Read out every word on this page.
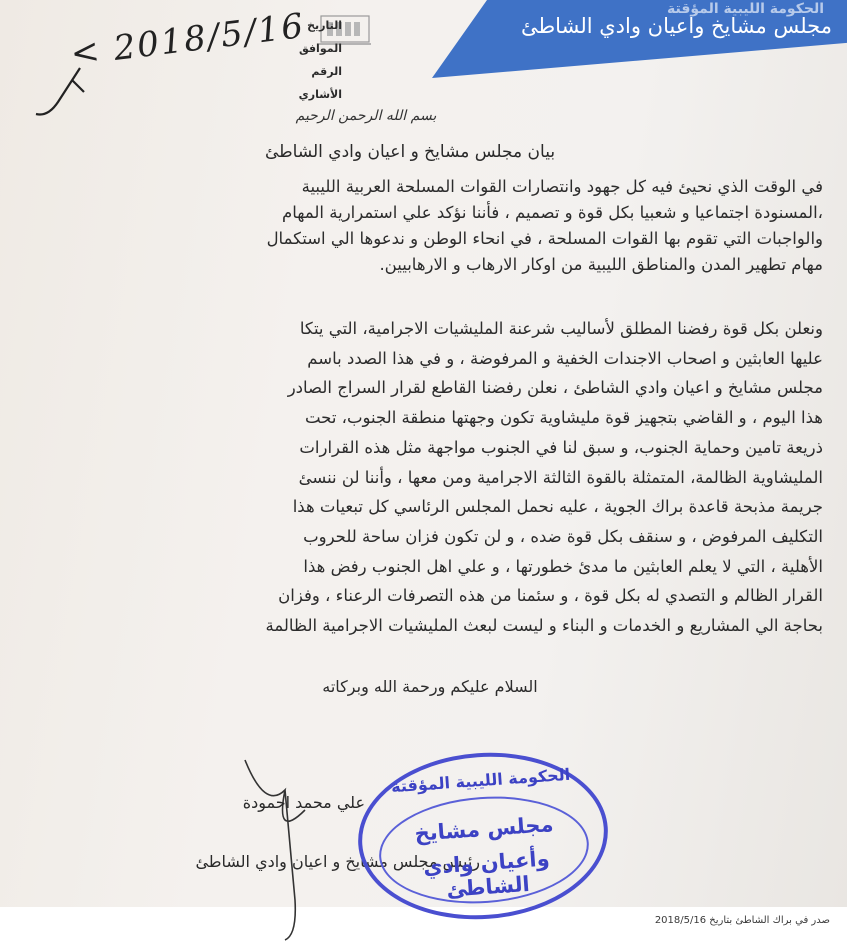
الحكومة الليبية المؤقتة
مجلس مشايخ واعيان وادي الشاطئ
التاريخ
الموافق
الرقم الأشاري
< 2018/5/16
بسم الله الرحمن الرحيم
بيان مجلس مشايخ و اعيان وادي الشاطئ
في الوقت الذي نحيئ فيه كل جهود وانتصارات القوات المسلحة العربية الليبية
،المسنودة اجتماعيا و شعبيا بكل قوة و تصميم ، فأننا نؤكد علي استمرارية المهام
والواجبات التي تقوم بها القوات المسلحة ، في انحاء الوطن و ندعوها الي استكمال
مهام تطهير المدن والمناطق الليبية من اوكار الارهاب و الارهابيين.
ونعلن بكل قوة رفضنا المطلق لأساليب شرعنة المليشيات الاجرامية، التي يتكا
عليها العابثين و اصحاب الاجندات الخفية و المرفوضة ، و في هذا الصدد باسم
مجلس مشايخ و اعيان وادي الشاطئ ، نعلن رفضنا القاطع لقرار السراج الصادر
هذا اليوم ، و القاضي بتجهيز قوة مليشاوية تكون وجهتها منطقة الجنوب، تحت
ذريعة تامين وحماية الجنوب، و سبق لنا في الجنوب مواجهة مثل هذه القرارات
المليشاوية الظالمة، المتمثلة بالقوة الثالثة الاجرامية ومن معها ، وأننا لن ننسئ
جريمة مذبحة قاعدة براك الجوية ، عليه نحمل المجلس الرئاسي كل تبعيات هذا
التكليف المرفوض ، و سنقف بكل قوة ضده ، و لن تكون فزان ساحة للحروب
الأهلية ، التي لا يعلم العابثين ما مدئ خطورتها ، و علي اهل الجنوب رفض هذا
القرار الظالم و التصدي له بكل قوة ، و سئمنا من هذه التصرفات الرعناء ، وفزان
بحاجة الي المشاريع و الخدمات و البناء و ليست لبعث المليشيات الاجرامية الظالمة
السلام عليكم ورحمة الله وبركاته
علي محمد احمودة
رئيس مجلس مشايخ و اعيان وادي الشاطئ
الحكومة الليبية المؤقتة
مجلس مشايخ
وأعيان وادي الشاطئ
صدر في براك الشاطئ بتاريخ 2018/5/16
